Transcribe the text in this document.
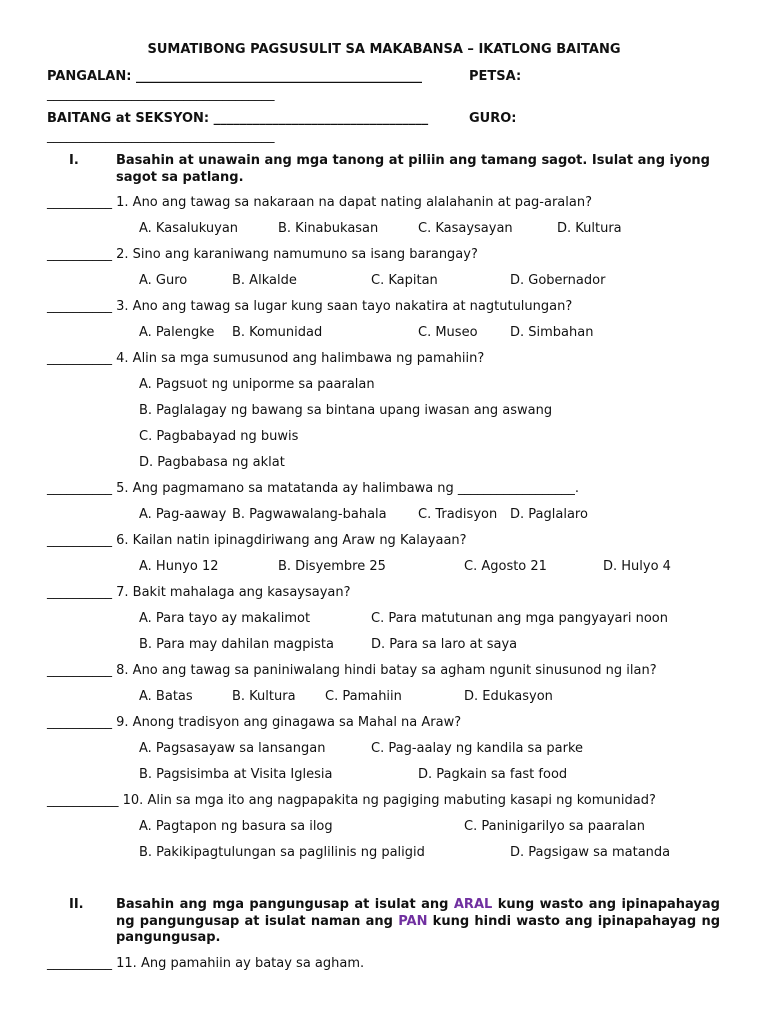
SUMATIBONG PAGSUSULIT SA MAKABANSA – IKATLONG BAITANG
PANGALAN: ____________________________________________	PETSA:
___________________________________
BAITANG at SEKSYON: _________________________________	GURO:
___________________________________
I.	Basahin at unawain ang mga tanong at piliin ang tamang sagot. Isulat ang iyong sagot sa patlang.
__________ 1. Ano ang tawag sa nakaraan na dapat nating alalahanin at pag-aralan?
A. Kasalukuyan	B. Kinabukasan	C. Kasaysayan	D. Kultura
__________ 2. Sino ang karaniwang namumuno sa isang barangay?
A. Guro	B. Alkalde	C. Kapitan	D. Gobernador
__________ 3. Ano ang tawag sa lugar kung saan tayo nakatira at nagtutulungan?
A. Palengke B. Komunidad	C. Museo D. Simbahan
__________ 4. Alin sa mga sumusunod ang halimbawa ng pamahiin?
A. Pagsuot ng uniporme sa paaralan
B. Paglalagay ng bawang sa bintana upang iwasan ang aswang
C. Pagbabayad ng buwis
D. Pagbabasa ng aklat
__________ 5. Ang pagmamano sa matatanda ay halimbawa ng __________________.
A. Pag-aaway B. Pagwawalang-bahala C. Tradisyon D. Paglalaro
__________ 6. Kailan natin ipinagdiriwang ang Araw ng Kalayaan?
A. Hunyo 12	B. Disyembre 25	C. Agosto 21	D. Hulyo 4
__________ 7. Bakit mahalaga ang kasaysayan?
A. Para tayo ay makalimot	C. Para matutunan ang mga pangyayari noon
B. Para may dahilan magpista	D. Para sa laro at saya
__________ 8. Ano ang tawag sa paniniwalang hindi batay sa agham ngunit sinusunod ng ilan?
A. Batas	B. Kultura C. Pamahiin	D. Edukasyon
__________ 9. Anong tradisyon ang ginagawa sa Mahal na Araw?
A. Pagsasayaw sa lansangan	C. Pag-aalay ng kandila sa parke
B. Pagsisimba at Visita Iglesia	D. Pagkain sa fast food
___________ 10. Alin sa mga ito ang nagpapakita ng pagiging mabuting kasapi ng komunidad?
A. Pagtapon ng basura sa ilog	C. Paninigarilyo sa paaralan
B. Pakikipagtulungan sa paglilinis ng paligid	D. Pagsigaw sa matanda
II. Basahin ang mga pangungusap at isulat ang ARAL kung wasto ang ipinapahayag ng pangungusap at isulat naman ang PAN kung hindi wasto ang ipinapahayag ng pangungusap.
__________ 11. Ang pamahiin ay batay sa agham.
